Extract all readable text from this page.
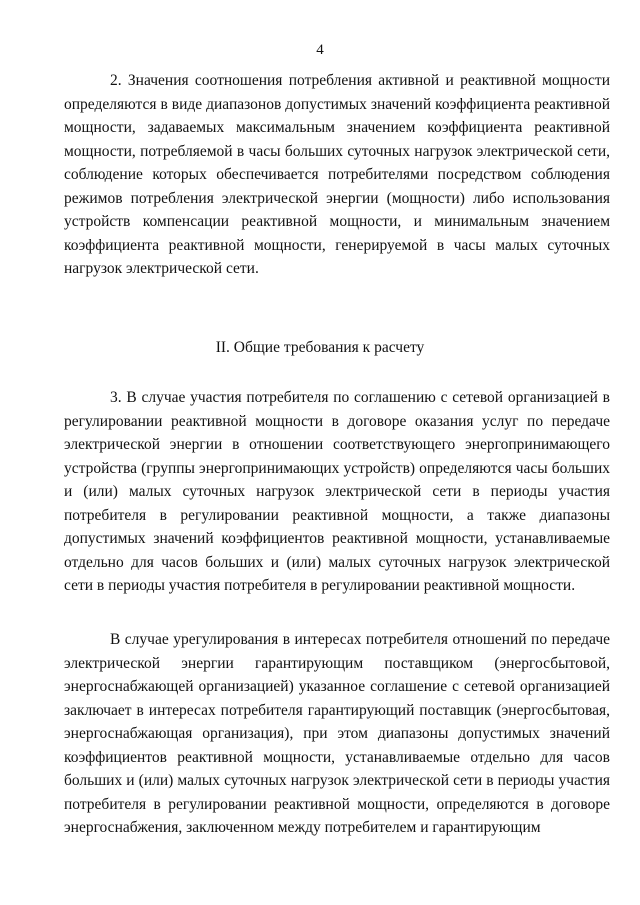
4

2. Значения соотношения потребления активной и реактивной мощности определяются в виде диапазонов допустимых значений коэффициента реактивной мощности, задаваемых максимальным значением коэффициента реактивной мощности, потребляемой в часы больших суточных нагрузок электрической сети, соблюдение которых обеспечивается потребителями посредством соблюдения режимов потребления электрической энергии (мощности) либо использования устройств компенсации реактивной мощности, и минимальным значением коэффициента реактивной мощности, генерируемой в часы малых суточных нагрузок электрической сети.

II. Общие требования к расчету

3. В случае участия потребителя по соглашению с сетевой организацией в регулировании реактивной мощности в договоре оказания услуг по передаче электрической энергии в отношении соответствующего энергопринимающего устройства (группы энергопринимающих устройств) определяются часы больших и (или) малых суточных нагрузок электрической сети в периоды участия потребителя в регулировании реактивной мощности, а также диапазоны допустимых значений коэффициентов реактивной мощности, устанавливаемые отдельно для часов больших и (или) малых суточных нагрузок электрической сети в периоды участия потребителя в регулировании реактивной мощности.

В случае урегулирования в интересах потребителя отношений по передаче электрической энергии гарантирующим поставщиком (энергосбытовой, энергоснабжающей организацией) указанное соглашение с сетевой организацией заключает в интересах потребителя гарантирующий поставщик (энергосбытовая, энергоснабжающая организация), при этом диапазоны допустимых значений коэффициентов реактивной мощности, устанавливаемые отдельно для часов больших и (или) малых суточных нагрузок электрической сети в периоды участия потребителя в регулировании реактивной мощности, определяются в договоре энергоснабжения, заключенном между потребителем и гарантирующим
